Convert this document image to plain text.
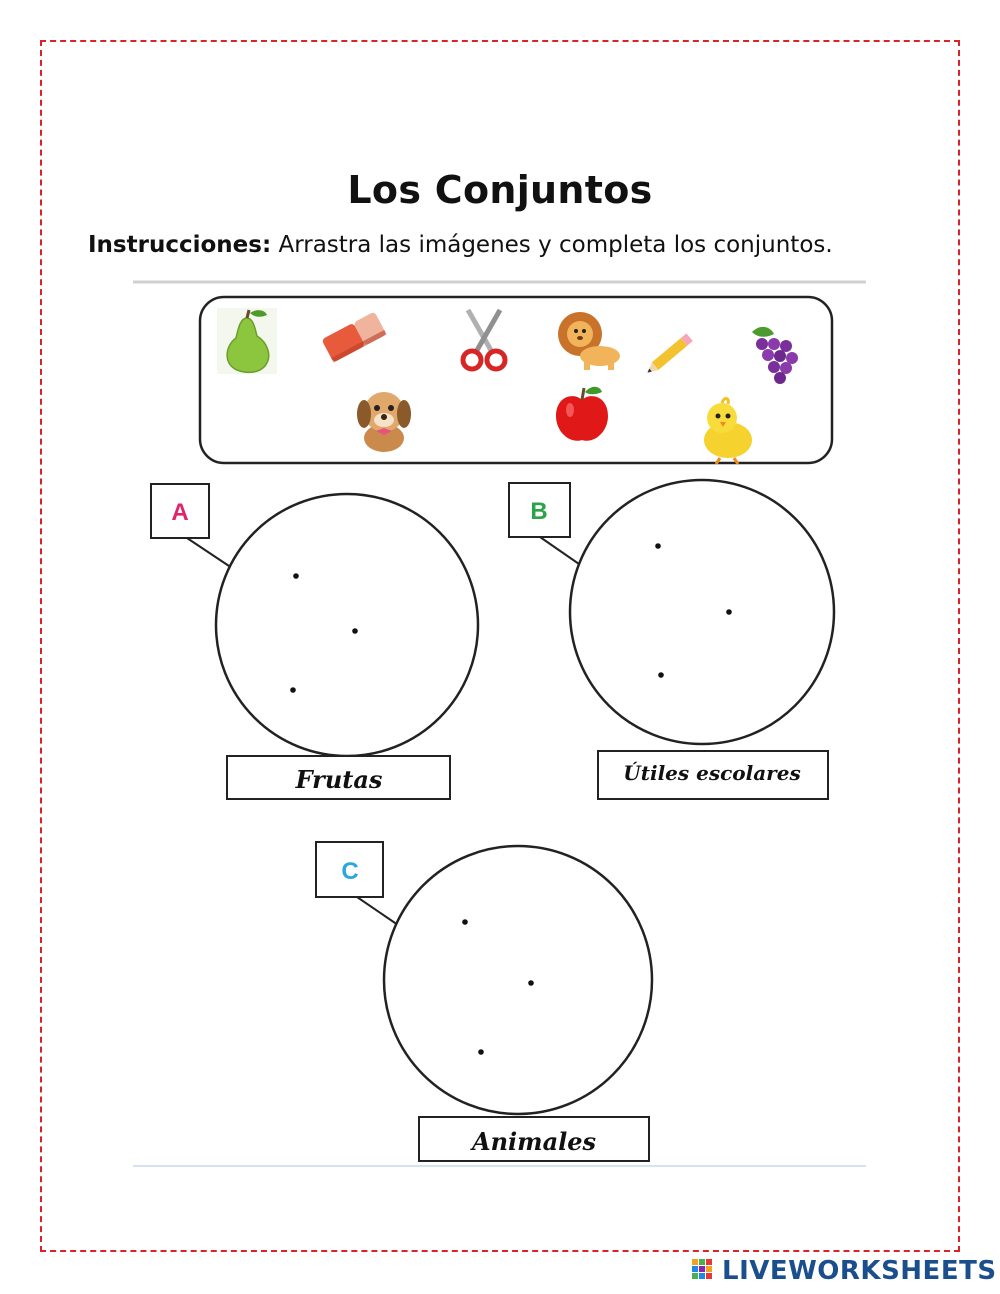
Los Conjuntos
Instrucciones: Arrastra las imágenes y completa los conjuntos.
A
Frutas
B
Útiles escolares
C
Animales
LIVEWORKSHEETS
